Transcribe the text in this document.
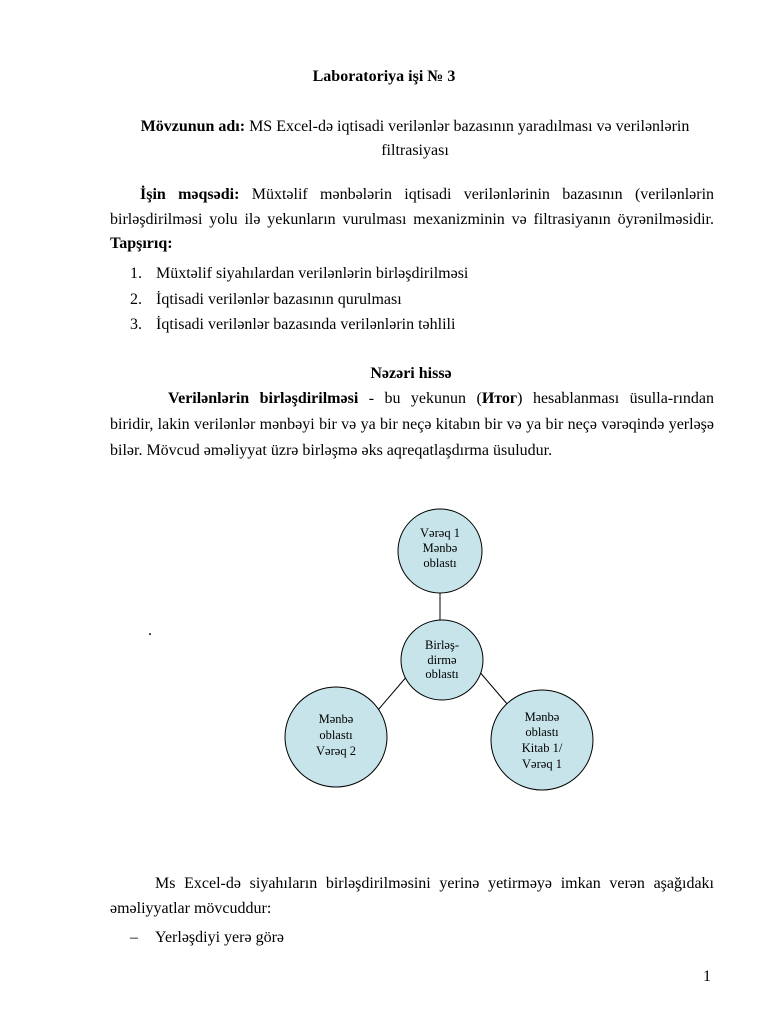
Laboratoriya işi № 3
Mövzunun adı: MS Excel-də iqtisadi verilənlər bazasının yaradılması və verilənlərin filtrasiyası
İşin məqsədi: Müxtəlif mənbələrin iqtisadi verilənlərinin bazasının (verilənlərin birləşdirilməsi yolu ilə yekunların vurulması mexanizminin və filtrasiyanın öyrənilməsidir. Tapşırıq:
1. Müxtəlif siyahılardan verilənlərin birləşdirilməsi
2. İqtisadi verilənlər bazasının qurulması
3. İqtisadi verilənlər bazasında verilənlərin təhlili
Nəzəri hissə
Verilənlərin birləşdirilməsi - bu yekunun (Итог) hesablanması üsulla-rından biridir, lakin verilənlər mənbəyi bir və ya bir neçə kitabın bir və ya bir neçə vərəqində yerləşə bilər. Mövcud əməliyyat üzrə birləşmə əks aqreqatlaşdırma üsuludur.
.
Vərəq 1
Mənbə
oblastı
Birləş-
dirmə
oblastı
Mənbə
oblastı
Vərəq 2
Mənbə
oblastı
Kitab 1/
Vərəq 1
Ms Excel-də siyahıların birləşdirilməsini yerinə yetirməyə imkan verən aşağıdakı əməliyyatlar mövcuddur:
– Yerləşdiyi yerə görə
1
